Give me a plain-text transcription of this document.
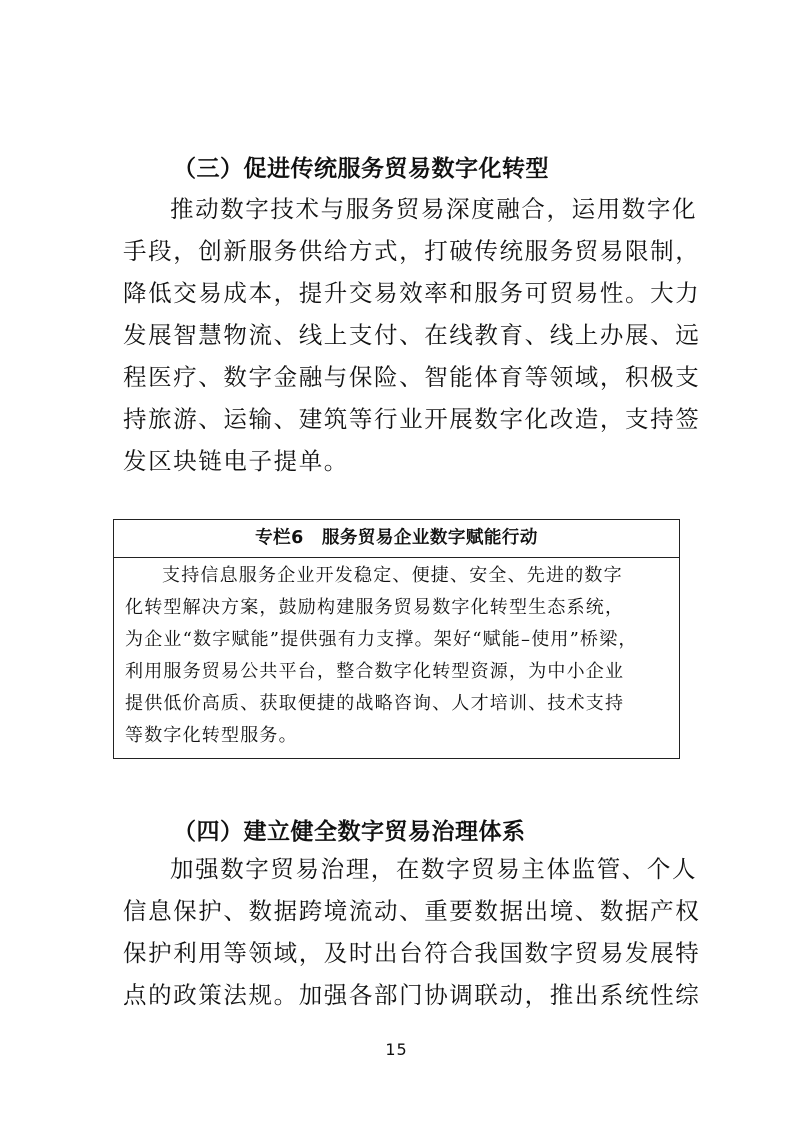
（三）促进传统服务贸易数字化转型
推动数字技术与服务贸易深度融合，运用数字化
手段，创新服务供给方式，打破传统服务贸易限制，
降低交易成本，提升交易效率和服务可贸易性。大力
发展智慧物流、线上支付、在线教育、线上办展、远
程医疗、数字金融与保险、智能体育等领域，积极支
持旅游、运输、建筑等行业开展数字化改造，支持签
发区块链电子提单。
专栏6　服务贸易企业数字赋能行动
支持信息服务企业开发稳定、便捷、安全、先进的数字
化转型解决方案，鼓励构建服务贸易数字化转型生态系统，
为企业“数字赋能”提供强有力支撑。架好“赋能–使用”桥梁，
利用服务贸易公共平台，整合数字化转型资源，为中小企业
提供低价高质、获取便捷的战略咨询、人才培训、技术支持
等数字化转型服务。
（四）建立健全数字贸易治理体系
加强数字贸易治理，在数字贸易主体监管、个人
信息保护、数据跨境流动、重要数据出境、数据产权
保护利用等领域，及时出台符合我国数字贸易发展特
点的政策法规。加强各部门协调联动，推出系统性综
15
